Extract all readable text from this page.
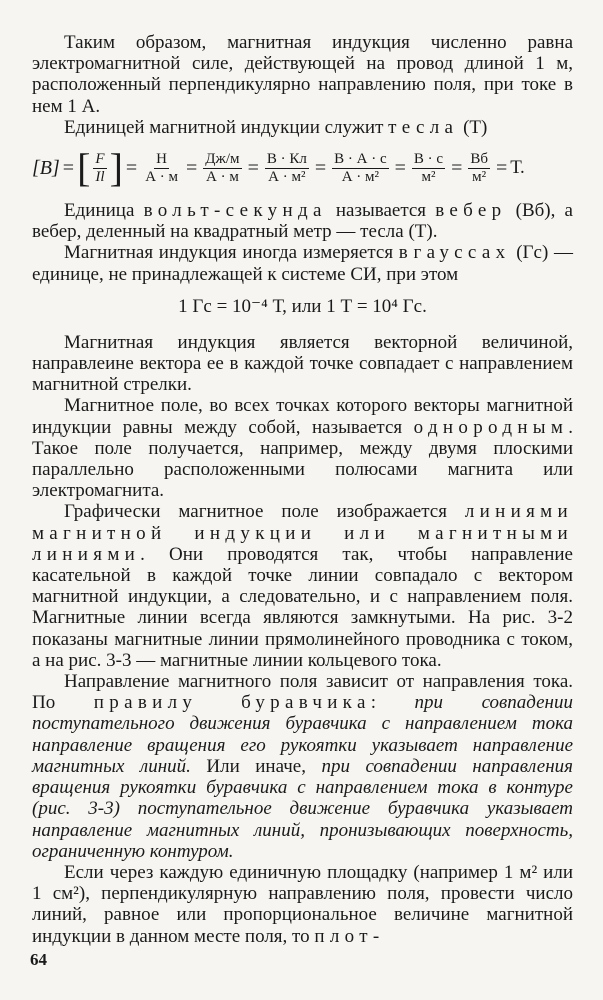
Таким образом, магнитная индукция численно равна электромагнитной силе, действующей на провод длиной 1 м, расположенный перпендикулярно направлению поля, при токе в нем 1 А.

Единицей магнитной индукции служит тесла (Т)

[B] = [ $\frac{F}{Il}$ ] = $\frac{Н}{А \cdot м} = \frac{Дж/м}{А \cdot м} = \frac{В \cdot Кл}{\text{А · м²}} = \frac{В \cdot А \cdot с}{\text{А · м²}} = \frac{В \cdot с}{\text{м²}} = \frac{Вб}{\text{м²}} = Т$.

Единица вольт-секунда называется вебер (Вб), а вебер, деленный на квадратный метр — тесла (Т).

Магнитная индукция иногда измеряется в гауссах (Гс) — единице, не принадлежащей к системе СИ, при этом

1 Гс = 10⁻⁴ Т, или 1 Т = 10⁴ Гс.

Магнитная индукция является векторной величиной, направлеине вектора ее в каждой точке совпадает с направлением магнитной стрелки.

Магнитное поле, во всех точках которого векторы магнитной индукции равны между собой, называется однородным. Такое поле получается, например, между двумя плоскими параллельно расположенными полюсами магнита или электромагнита.

Графически магнитное поле изображается линиями магнитной индукции или магнитными линиями. Они проводятся так, чтобы направление касательной в каждой точке линии совпадало с вектором магнитной индукции, а следовательно, и с направлением поля. Магнитные линии всегда являются замкнутыми. На рис. 3-2 показаны магнитные линии прямолинейного проводника с током, а на рис. 3-3 — магнитные линии кольцевого тока.

Направление магнитного поля зависит от направления тока. По правилу буравчика: при совпадении поступательного движения буравчика с направлением тока направление вращения его рукоятки указывает направление магнитных линий. Или иначе, при совпадении направления вращения рукоятки буравчика с направлением тока в контуре (рис. 3-3) поступательное движение буравчика указывает направление магнитных линий, пронизывающих поверхность, ограниченную контуром.

Если через каждую единичную площадку (например 1 м² или 1 см²), перпендикулярную направлению поля, провести число линий, равное или пропорциональное величине магнитной индукции в данном месте поля, то плот-

64
